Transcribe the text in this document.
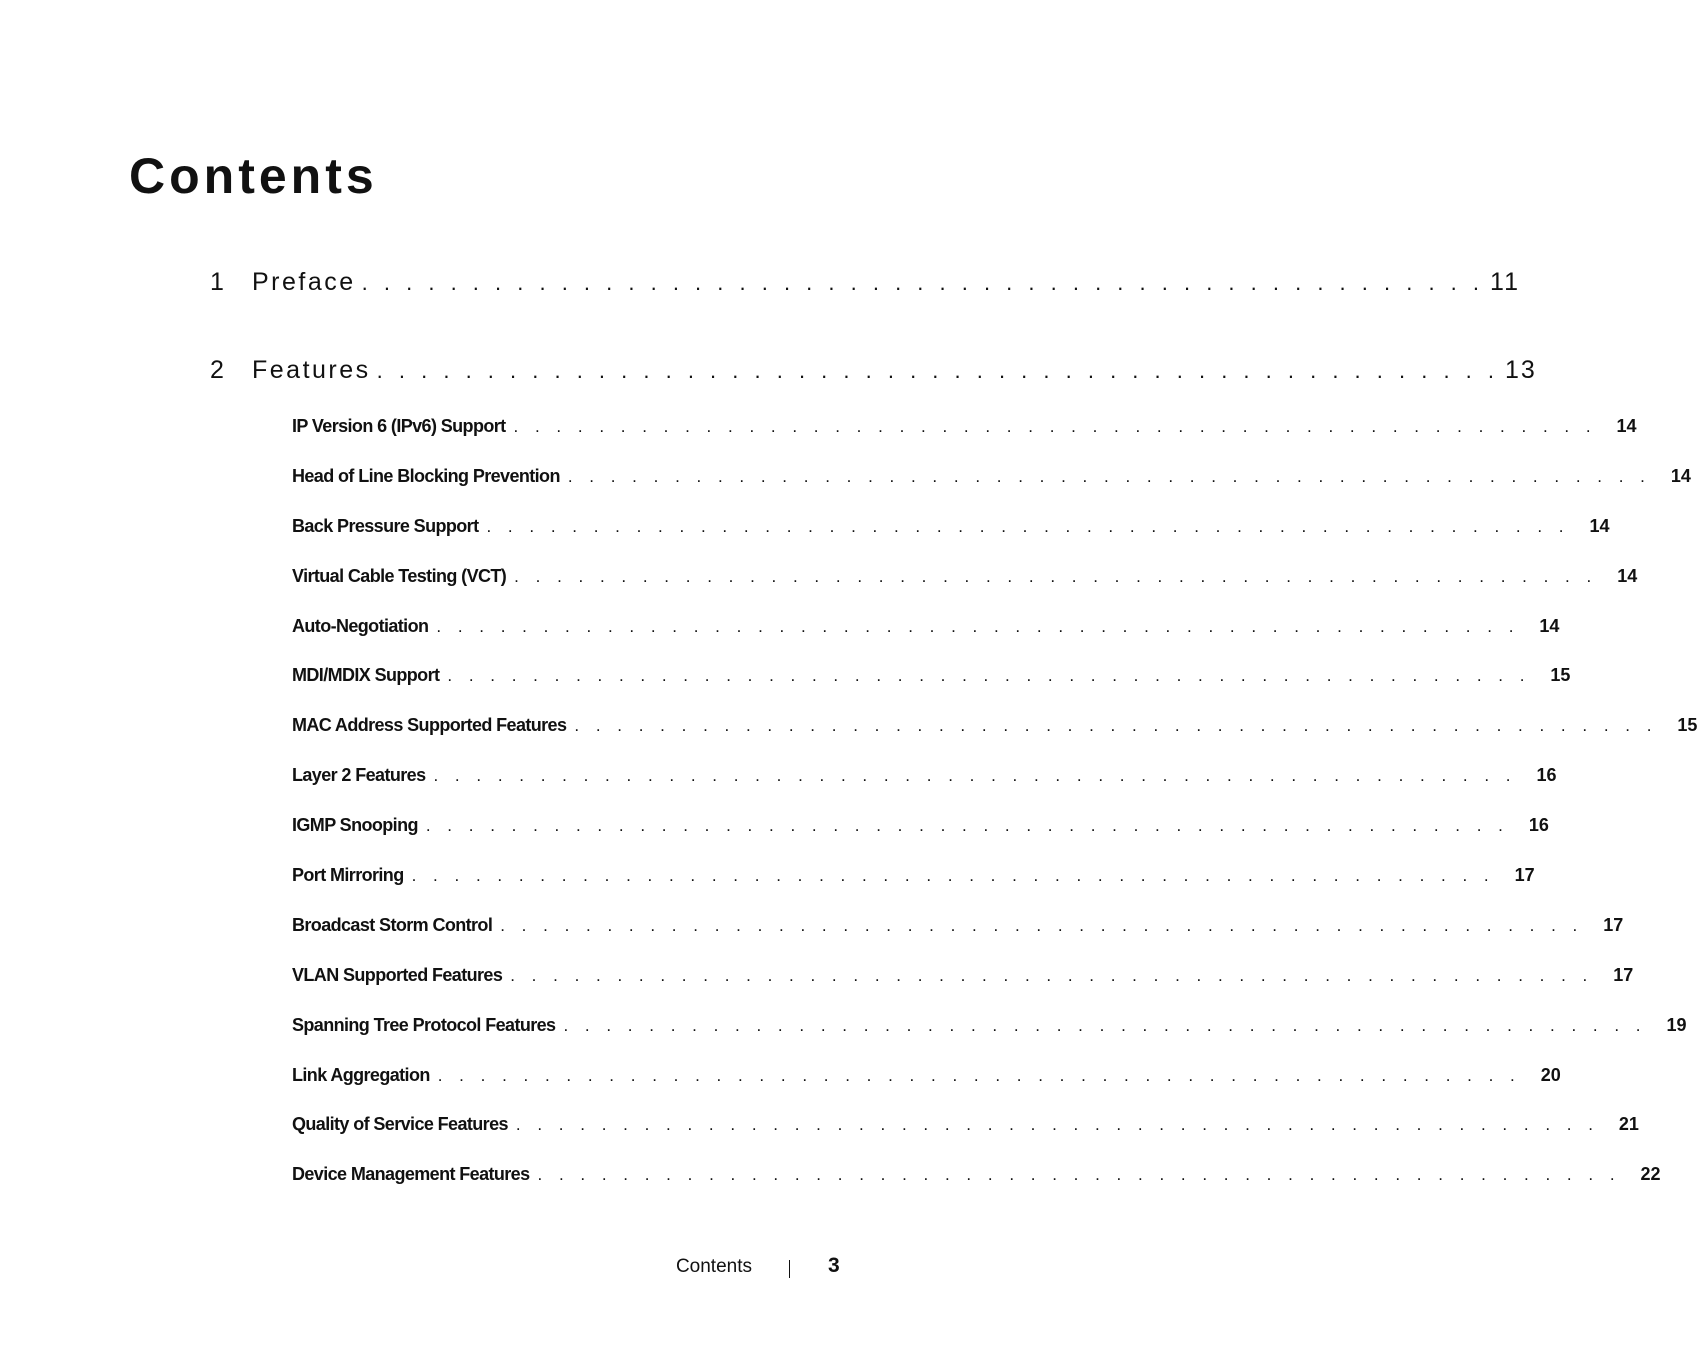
Contents
1	Preface . . . . . . . . . . . . . . . . . . . . . . . . . . . . . . . . . . . . . . . . . . . . . . . . . . . 11
2	Features . . . . . . . . . . . . . . . . . . . . . . . . . . . . . . . . . . . . . . . . . . . . . . . . . . . 13
IP Version 6 (IPv6) Support . . . . . . . . . . . . . . . . . . . . . . . . . . . . . . . . . . . . . . . . . . . . . . . . . . .	14
Head of Line Blocking Prevention . . . . . . . . . . . . . . . . . . . . . . . . . . . . . . . . . . . . . . . . . . . . . . . . . . .	14
Back Pressure Support . . . . . . . . . . . . . . . . . . . . . . . . . . . . . . . . . . . . . . . . . . . . . . . . . . .	14
Virtual Cable Testing (VCT) . . . . . . . . . . . . . . . . . . . . . . . . . . . . . . . . . . . . . . . . . . . . . . . . . . .	14
Auto-Negotiation . . . . . . . . . . . . . . . . . . . . . . . . . . . . . . . . . . . . . . . . . . . . . . . . . . .	14
MDI/MDIX Support . . . . . . . . . . . . . . . . . . . . . . . . . . . . . . . . . . . . . . . . . . . . . . . . . . .	15
MAC Address Supported Features . . . . . . . . . . . . . . . . . . . . . . . . . . . . . . . . . . . . . . . . . . . . . . . . . . .	15
Layer 2 Features . . . . . . . . . . . . . . . . . . . . . . . . . . . . . . . . . . . . . . . . . . . . . . . . . . .	16
IGMP Snooping . . . . . . . . . . . . . . . . . . . . . . . . . . . . . . . . . . . . . . . . . . . . . . . . . . .	16
Port Mirroring . . . . . . . . . . . . . . . . . . . . . . . . . . . . . . . . . . . . . . . . . . . . . . . . . . .	17
Broadcast Storm Control . . . . . . . . . . . . . . . . . . . . . . . . . . . . . . . . . . . . . . . . . . . . . . . . . . .	17
VLAN Supported Features . . . . . . . . . . . . . . . . . . . . . . . . . . . . . . . . . . . . . . . . . . . . . . . . . . .	17
Spanning Tree Protocol Features . . . . . . . . . . . . . . . . . . . . . . . . . . . . . . . . . . . . . . . . . . . . . . . . . . .	19
Link Aggregation . . . . . . . . . . . . . . . . . . . . . . . . . . . . . . . . . . . . . . . . . . . . . . . . . . .	20
Quality of Service Features . . . . . . . . . . . . . . . . . . . . . . . . . . . . . . . . . . . . . . . . . . . . . . . . . . .	21
Device Management Features . . . . . . . . . . . . . . . . . . . . . . . . . . . . . . . . . . . . . . . . . . . . . . . . . . .	22
Contents	3
